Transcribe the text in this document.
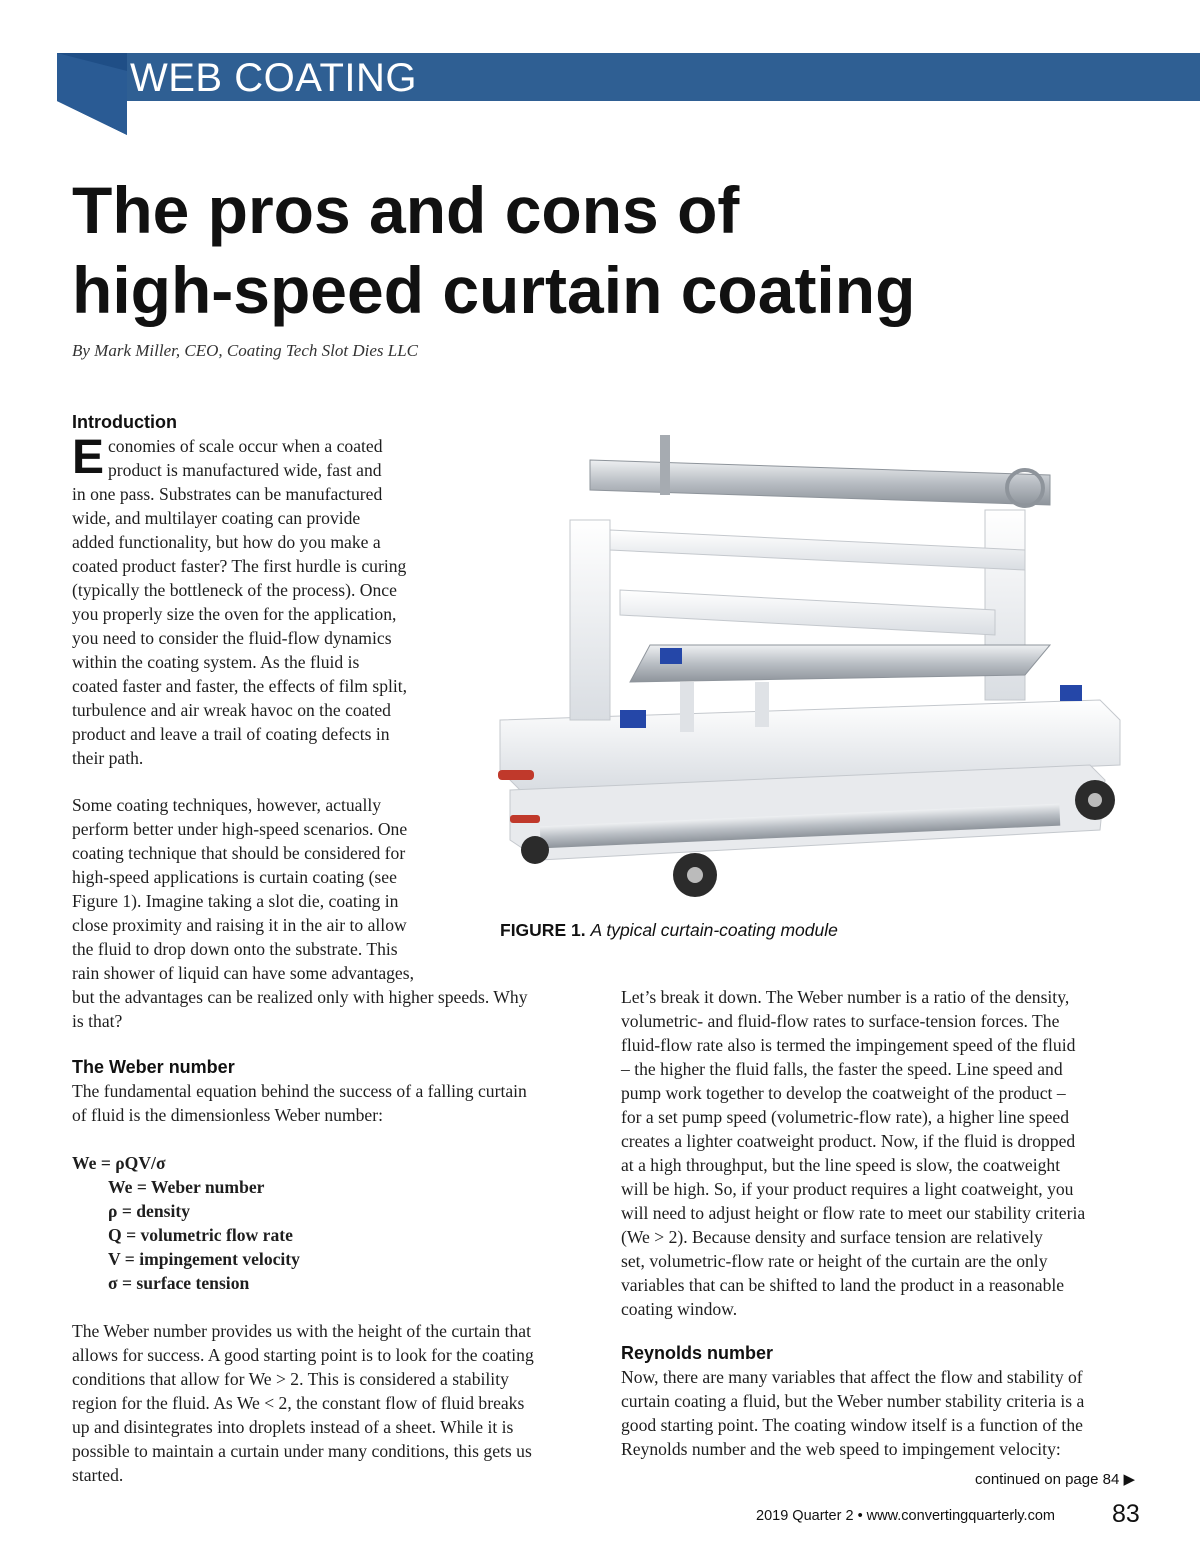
WEB COATING
The pros and cons of
high-speed curtain coating
By Mark Miller, CEO, Coating Tech Slot Dies LLC
Introduction
E conomies of scale occur when a coated
product is manufactured wide, fast and
in one pass. Substrates can be manufactured
wide, and multilayer coating can provide
added functionality, but how do you make a
coated product faster? The first hurdle is curing
(typically the bottleneck of the process). Once
you properly size the oven for the application,
you need to consider the fluid-flow dynamics
within the coating system. As the fluid is
coated faster and faster, the effects of film split,
turbulence and air wreak havoc on the coated
product and leave a trail of coating defects in
their path.
Some coating techniques, however, actually
perform better under high-speed scenarios. One
coating technique that should be considered for
high-speed applications is curtain coating (see
Figure 1). Imagine taking a slot die, coating in
close proximity and raising it in the air to allow
the fluid to drop down onto the substrate. This
rain shower of liquid can have some advantages,
but the advantages can be realized only with higher speeds. Why
is that?
The Weber number
The fundamental equation behind the success of a falling curtain
of fluid is the dimensionless Weber number:
We = ρQV/σ
We = Weber number
ρ = density
Q = volumetric flow rate
V = impingement velocity
σ = surface tension
The Weber number provides us with the height of the curtain that
allows for success. A good starting point is to look for the coating
conditions that allow for We > 2. This is considered a stability
region for the fluid. As We < 2, the constant flow of fluid breaks
up and disintegrates into droplets instead of a sheet. While it is
possible to maintain a curtain under many conditions, this gets us
started.
FIGURE 1. A typical curtain-coating module
Let’s break it down. The Weber number is a ratio of the density,
volumetric- and fluid-flow rates to surface-tension forces. The
fluid-flow rate also is termed the impingement speed of the fluid
– the higher the fluid falls, the faster the speed. Line speed and
pump work together to develop the coatweight of the product –
for a set pump speed (volumetric-flow rate), a higher line speed
creates a lighter coatweight product. Now, if the fluid is dropped
at a high throughput, but the line speed is slow, the coatweight
will be high. So, if your product requires a light coatweight, you
will need to adjust height or flow rate to meet our stability criteria
(We > 2). Because density and surface tension are relatively
set, volumetric-flow rate or height of the curtain are the only
variables that can be shifted to land the product in a reasonable
coating window.
Reynolds number
Now, there are many variables that affect the flow and stability of
curtain coating a fluid, but the Weber number stability criteria is a
good starting point. The coating window itself is a function of the
Reynolds number and the web speed to impingement velocity:
continued on page 84 ▶
2019 Quarter 2 • www.convertingquarterly.com 83
